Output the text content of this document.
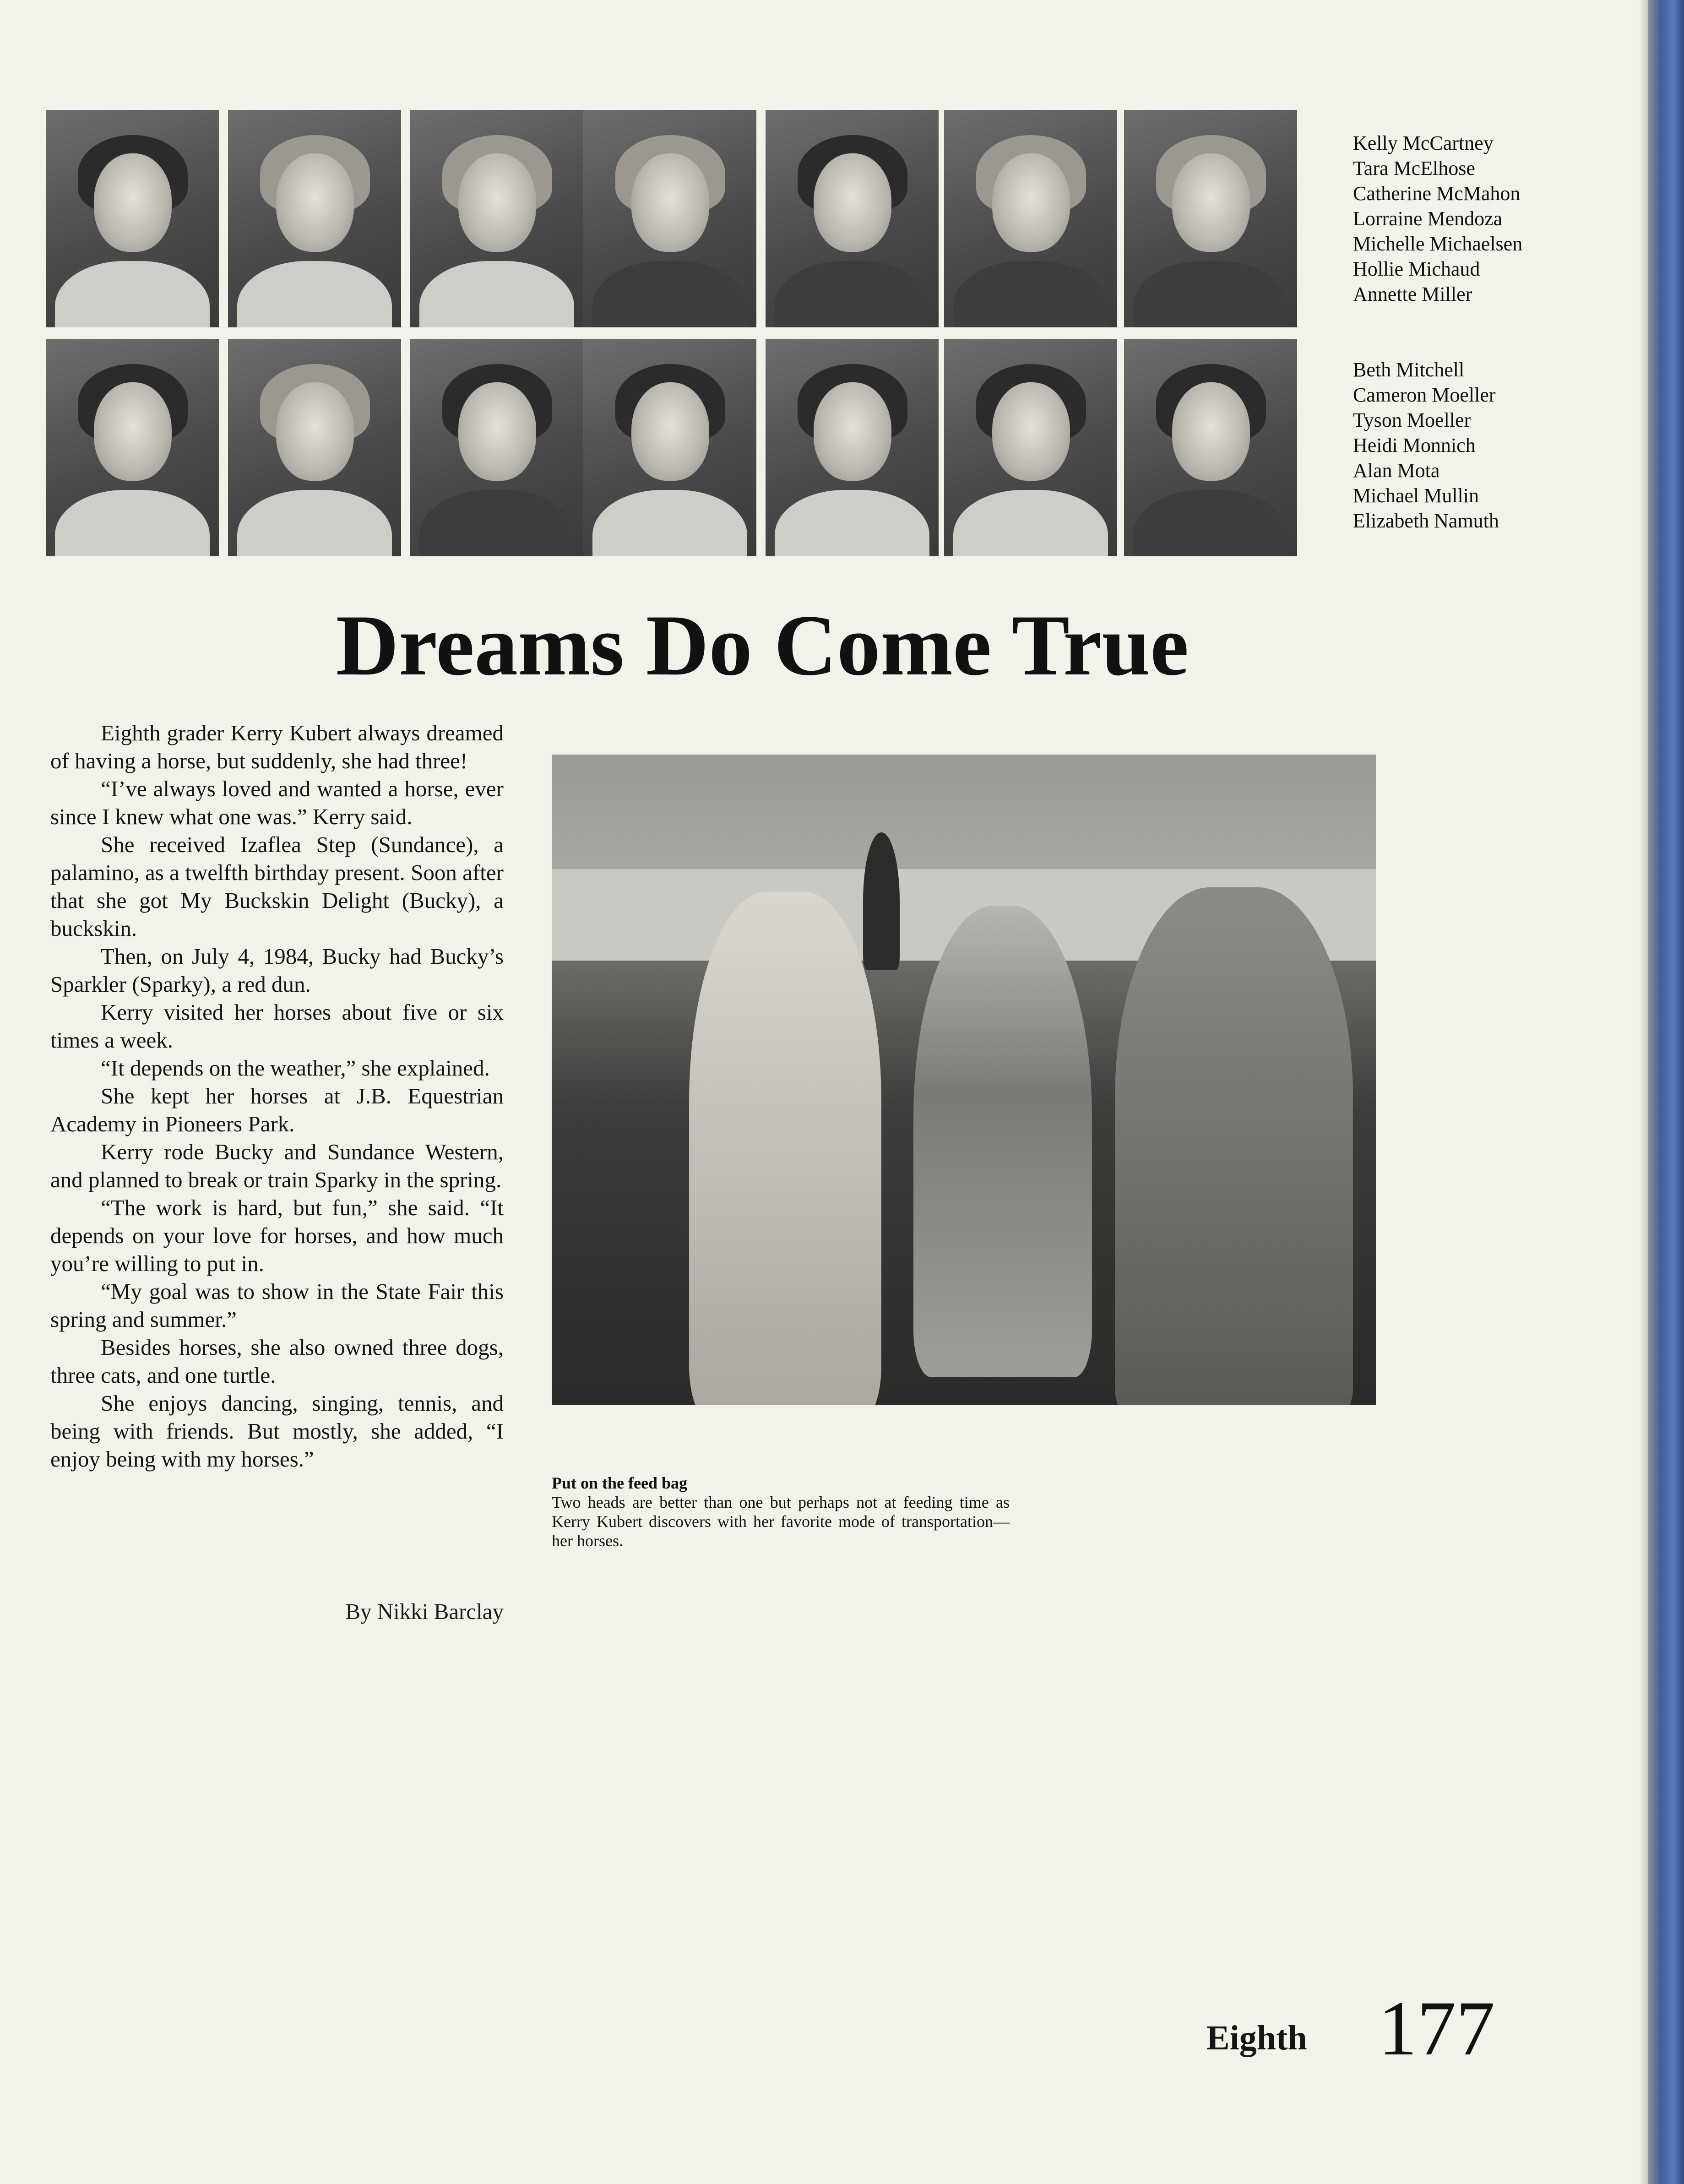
Kelly McCartney
Tara McElhose
Catherine McMahon
Lorraine Mendoza
Michelle Michaelsen
Hollie Michaud
Annette Miller
Beth Mitchell
Cameron Moeller
Tyson Moeller
Heidi Monnich
Alan Mota
Michael Mullin
Elizabeth Namuth
Dreams Do Come True

Eighth grader Kerry Kubert always dreamed of having a horse, but suddenly, she had three!

“I’ve always loved and wanted a horse, ever since I knew what one was.” Kerry said.

She received Izaflea Step (Sundance), a palamino, as a twelfth birthday present. Soon after that she got My Buckskin Delight (Bucky), a buckskin.

Then, on July 4, 1984, Bucky had Bucky’s Sparkler (Sparky), a red dun.

Kerry visited her horses about five or six times a week.

“It depends on the weather,” she explained.

She kept her horses at J.B. Equestrian Academy in Pioneers Park.

Kerry rode Bucky and Sundance Western, and planned to break or train Sparky in the spring.

“The work is hard, but fun,” she said. “It depends on your love for horses, and how much you’re willing to put in.

“My goal was to show in the State Fair this spring and summer.”

Besides horses, she also owned three dogs, three cats, and one turtle.

She enjoys dancing, singing, tennis, and being with friends. But mostly, she added, “I enjoy being with my horses.”

By Nikki Barclay
Put on the feed bag
Two heads are better than one but perhaps not at feeding time as Kerry Kubert discovers with her favorite mode of transportation—her horses.
Eighth 177
